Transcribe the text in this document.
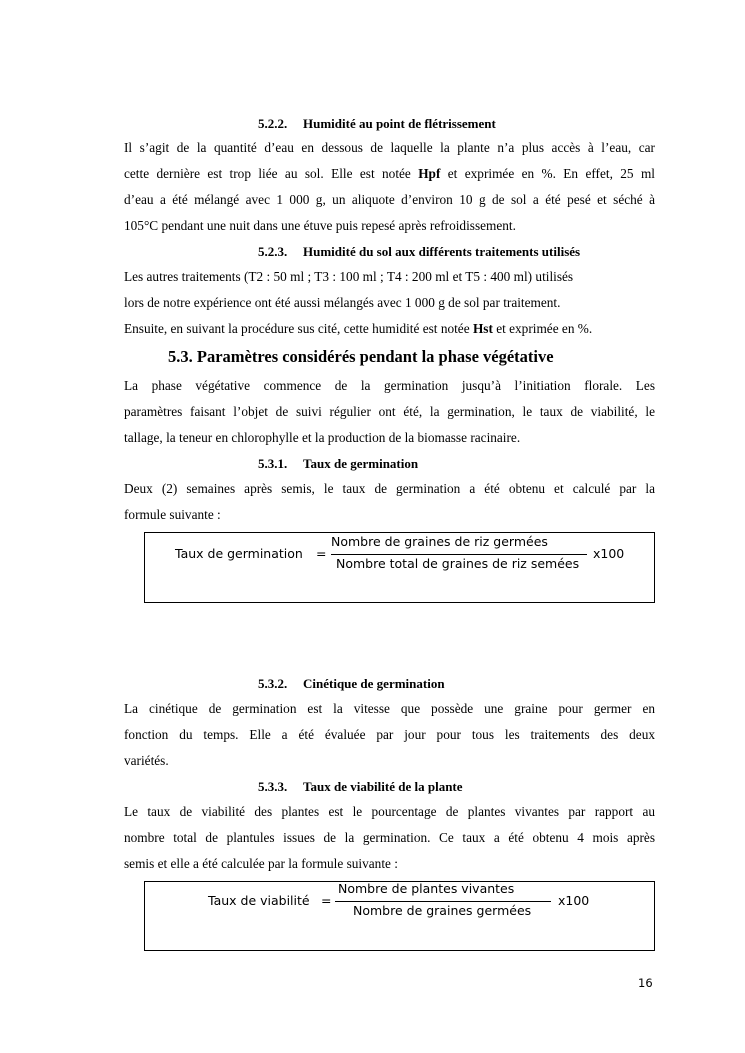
5.2.2. Humidité au point de flétrissement
Il s’agit de la quantité d’eau en dessous de laquelle la plante n’a plus accès à l’eau, car
cette dernière est trop liée au sol. Elle est notée Hpf et exprimée en %. En effet, 25 ml
d’eau a été mélangé avec 1 000 g, un aliquote d’environ 10 g de sol a été pesé et séché à
105°C pendant une nuit dans une étuve puis repesé après refroidissement.
5.2.3. Humidité du sol aux différents traitements utilisés
Les autres traitements (T2 : 50 ml ; T3 : 100 ml ; T4 : 200 ml et T5 : 400 ml) utilisés
lors de notre expérience ont été aussi mélangés avec 1 000 g de sol par traitement.
Ensuite, en suivant la procédure sus cité, cette humidité est notée Hst et exprimée en %.
5.3. Paramètres considérés pendant la phase végétative
La phase végétative commence de la germination jusqu’à l’initiation florale. Les
paramètres faisant l’objet de suivi régulier ont été, la germination, le taux de viabilité, le
tallage, la teneur en chlorophylle et la production de la biomasse racinaire.
5.3.1. Taux de germination
Deux (2) semaines après semis, le taux de germination a été obtenu et calculé par la
formule suivante :
Taux de germination =
Nombre de graines de riz germées
Nombre total de graines de riz semées
x100
5.3.2. Cinétique de germination
La cinétique de germination est la vitesse que possède une graine pour germer en
fonction du temps. Elle a été évaluée par jour pour tous les traitements des deux
variétés.
5.3.3. Taux de viabilité de la plante
Le taux de viabilité des plantes est le pourcentage de plantes vivantes par rapport au
nombre total de plantules issues de la germination. Ce taux a été obtenu 4 mois après
semis et elle a été calculée par la formule suivante :
Taux de viabilité =
Nombre de plantes vivantes
Nombre de graines germées
x100
16
